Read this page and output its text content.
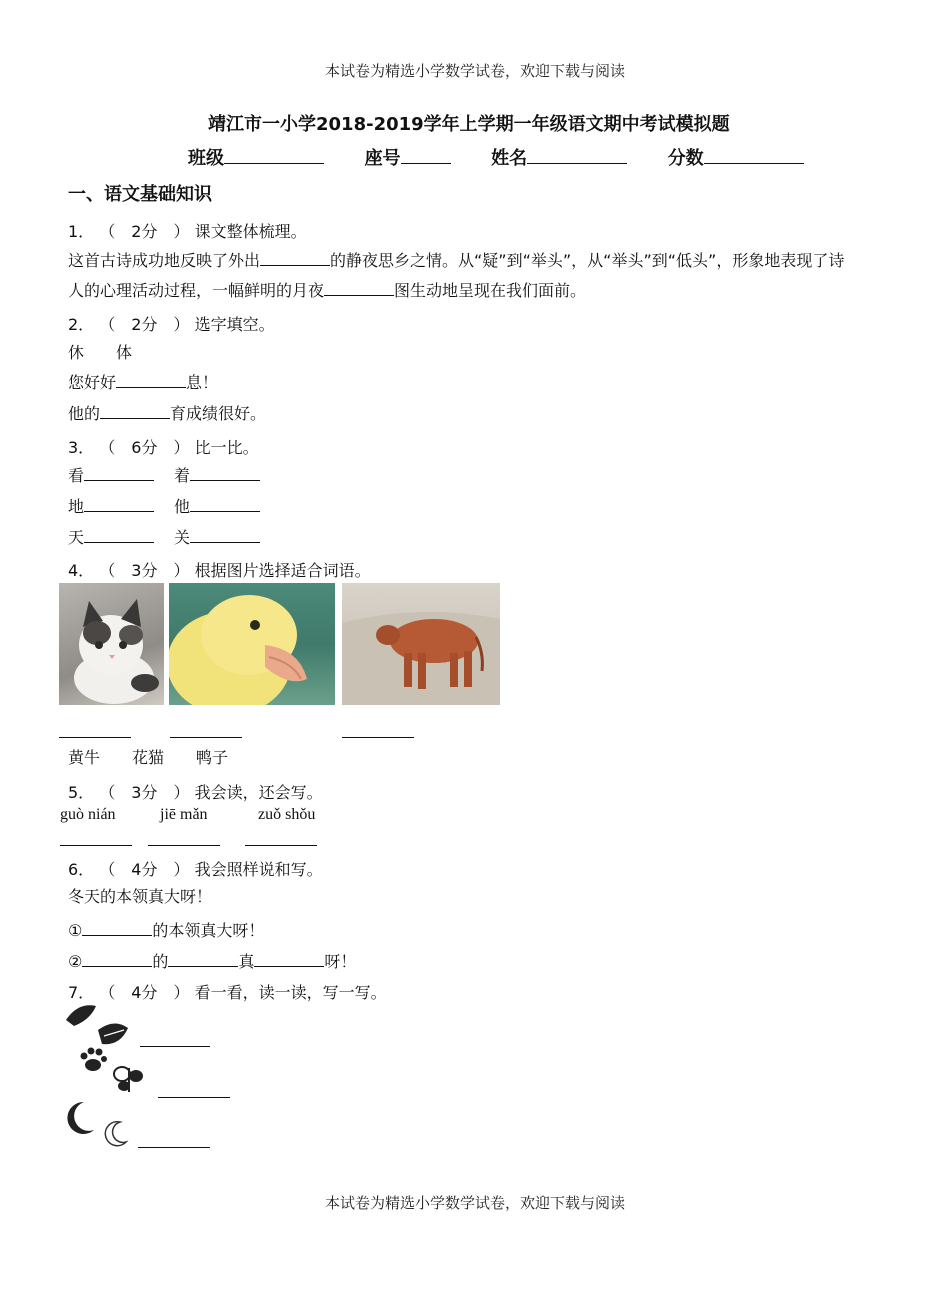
本试卷为精选小学数学试卷，欢迎下载与阅读
靖江市一小学2018-2019学年上学期一年级语文期中考试模拟题
班级	座号	姓名	分数
一、语文基础知识
1． （　2分　） 课文整体梳理。
这首古诗成功地反映了外出	的静夜思乡之情。从“疑”到“举头”，从“举头”到“低头”，形象地表现了诗
人的心理活动过程，一幅鲜明的月夜	图生动地呈现在我们面前。
2． （　2分　） 选字填空。
休　　体
您好好	息！
他的	育成绩很好。
3． （　6分　） 比一比。
看	着
地	他
天	关
4． （　3分　） 根据图片选择适合词语。
黄牛　　花猫　　鸭子
5． （　3分　） 我会读，还会写。
guò nián	jiē mǎn	zuǒ shǒu
6． （　4分　） 我会照样说和写。
冬天的本领真大呀！
①	的本领真大呀！
②	的	真	呀！
7． （　4分　） 看一看，读一读，写一写。
本试卷为精选小学数学试卷，欢迎下载与阅读
